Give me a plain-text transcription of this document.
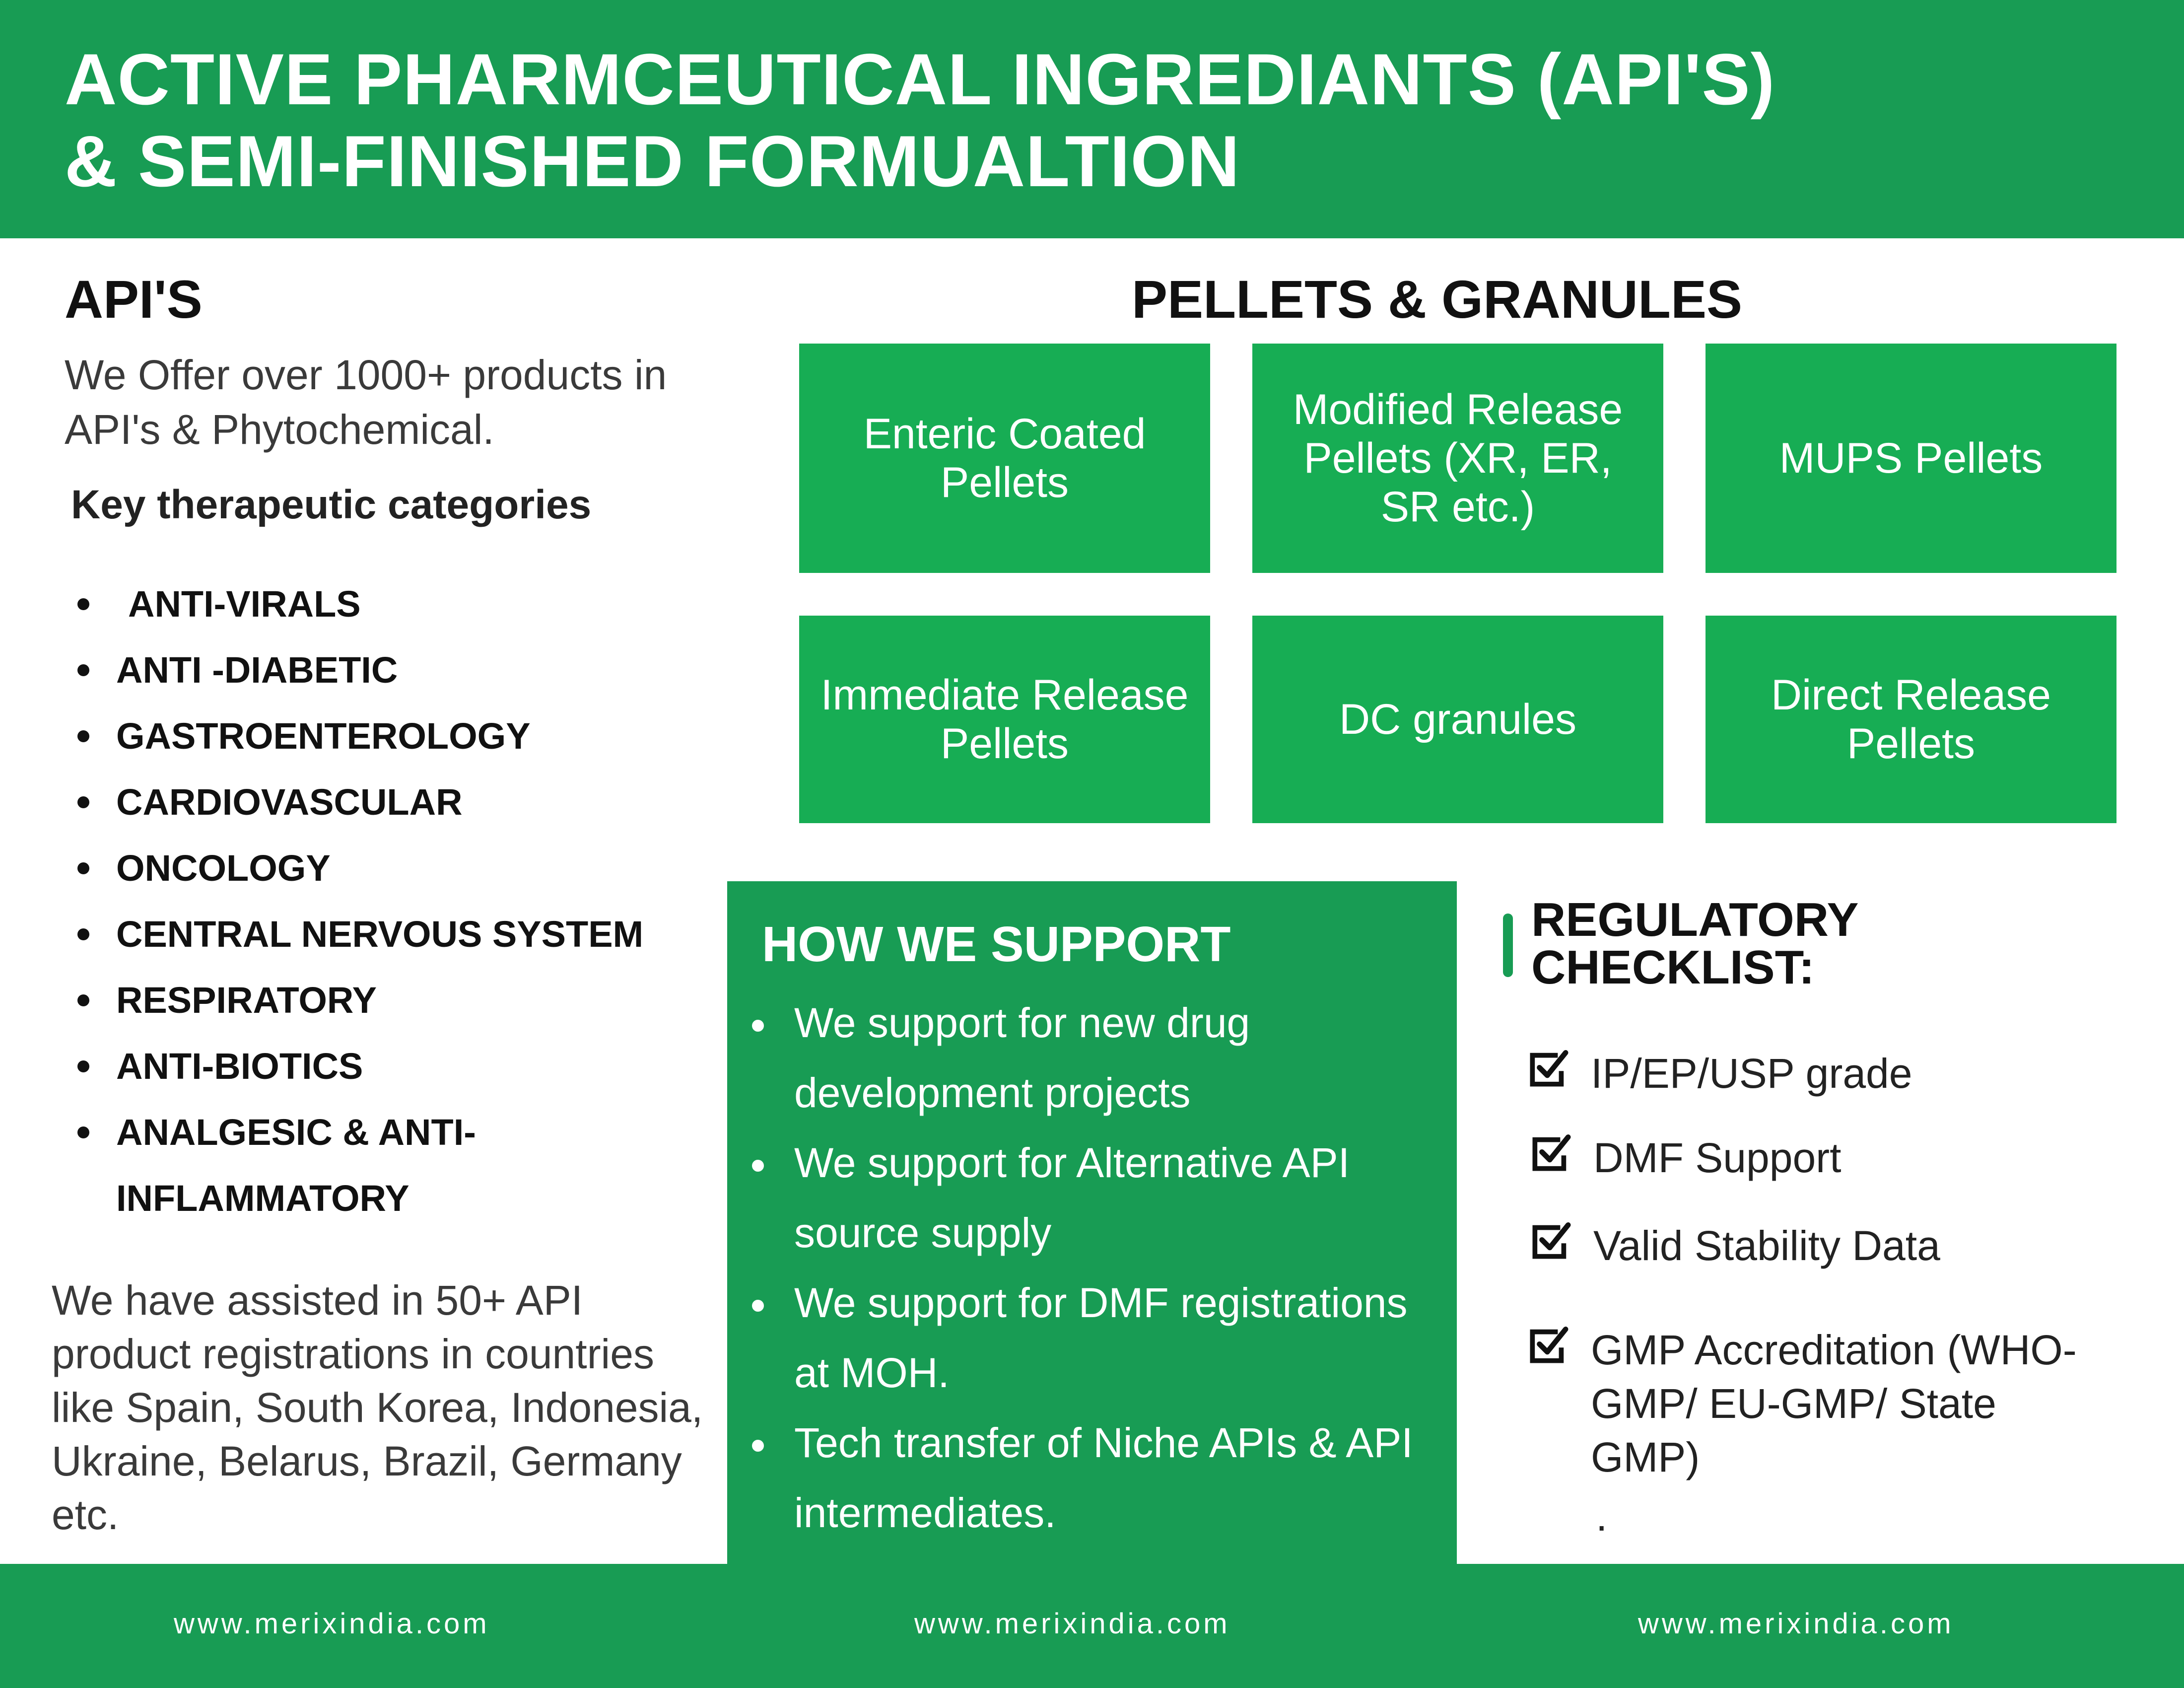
ACTIVE PHARMCEUTICAL INGREDIANTS (API'S)
& SEMI-FINISHED FORMUALTION
API'S
We Offer over 1000+ products in API's & Phytochemical.
Key therapeutic categories
ANTI-VIRALS
ANTI -DIABETIC
GASTROENTEROLOGY
CARDIOVASCULAR
ONCOLOGY
CENTRAL NERVOUS SYSTEM
RESPIRATORY
ANTI-BIOTICS
ANALGESIC & ANTI-INFLAMMATORY
We have assisted in 50+ API product registrations in countries like Spain, South Korea, Indonesia, Ukraine, Belarus, Brazil, Germany etc.
PELLETS & GRANULES
Enteric Coated Pellets
Modified Release Pellets (XR, ER, SR etc.)
MUPS Pellets
Immediate Release Pellets
DC granules
Direct Release Pellets
HOW WE SUPPORT
We support for new drug development projects
We support for Alternative API source supply
We support for DMF registrations at MOH.
Tech transfer of Niche APIs & API intermediates.
REGULATORY CHECKLIST:
IP/EP/USP grade
DMF Support
Valid Stability Data
GMP Accreditation (WHO-GMP/ EU-GMP/ State GMP)
.
www.merixindia.com	www.merixindia.com	www.merixindia.com
